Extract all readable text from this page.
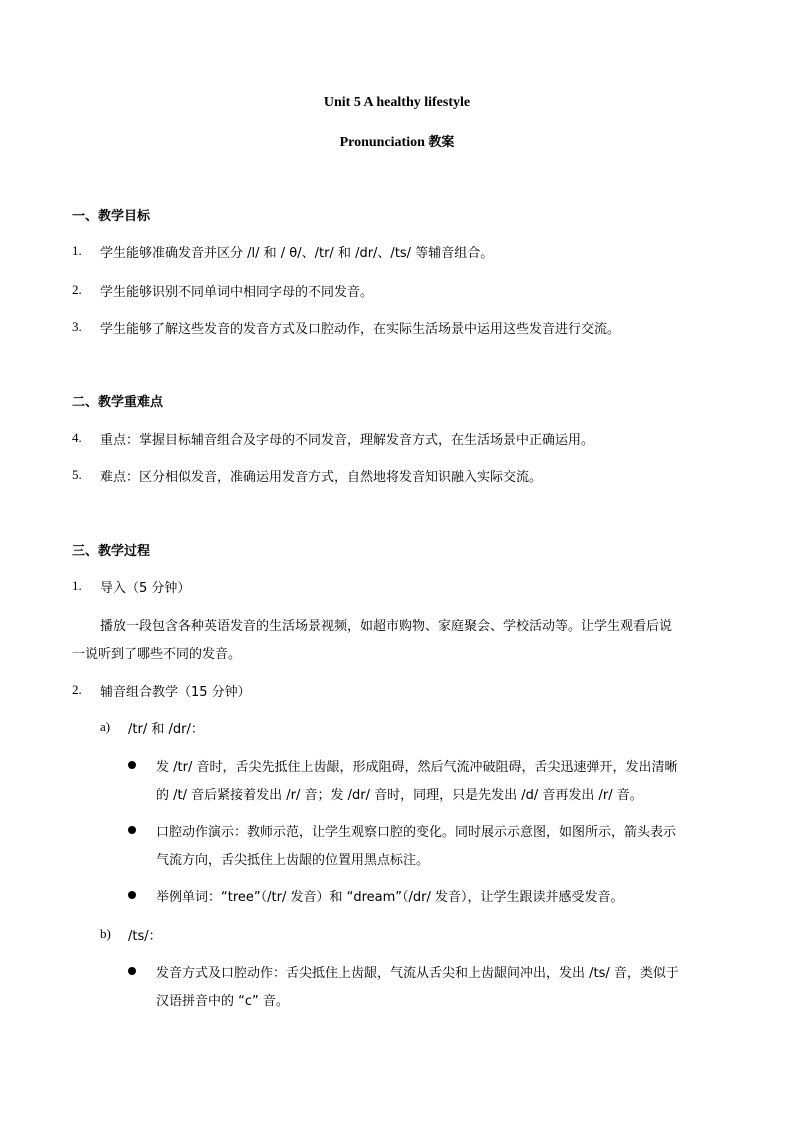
Unit 5 A healthy lifestyle
Pronunciation 教案
一、教学目标
1. 学生能够准确发音并区分 /l/ 和 / θ/、/tr/ 和 /dr/、/ts/ 等辅音组合。
2. 学生能够识别不同单词中相同字母的不同发音。
3. 学生能够了解这些发音的发音方式及口腔动作，在实际生活场景中运用这些发音进行交流。
二、教学重难点
4. 重点：掌握目标辅音组合及字母的不同发音，理解发音方式，在生活场景中正确运用。
5. 难点：区分相似发音，准确运用发音方式，自然地将发音知识融入实际交流。
三、教学过程
1. 导入（5 分钟）
播放一段包含各种英语发音的生活场景视频，如超市购物、家庭聚会、学校活动等。让学生观看后说
一说听到了哪些不同的发音。
2. 辅音组合教学（15 分钟）
a) /tr/ 和 /dr/：
发 /tr/ 音时，舌尖先抵住上齿龈，形成阻碍，然后气流冲破阻碍，舌尖迅速弹开，发出清晰
的 /t/ 音后紧接着发出 /r/ 音；发 /dr/ 音时，同理，只是先发出 /d/ 音再发出 /r/ 音。
口腔动作演示：教师示范，让学生观察口腔的变化。同时展示示意图，如图所示，箭头表示
气流方向，舌尖抵住上齿龈的位置用黑点标注。
举例单词：“tree”（/tr/ 发音）和 “dream”（/dr/ 发音），让学生跟读并感受发音。
b) /ts/：
发音方式及口腔动作：舌尖抵住上齿龈，气流从舌尖和上齿龈间冲出，发出 /ts/ 音，类似于
汉语拼音中的 “c” 音。
